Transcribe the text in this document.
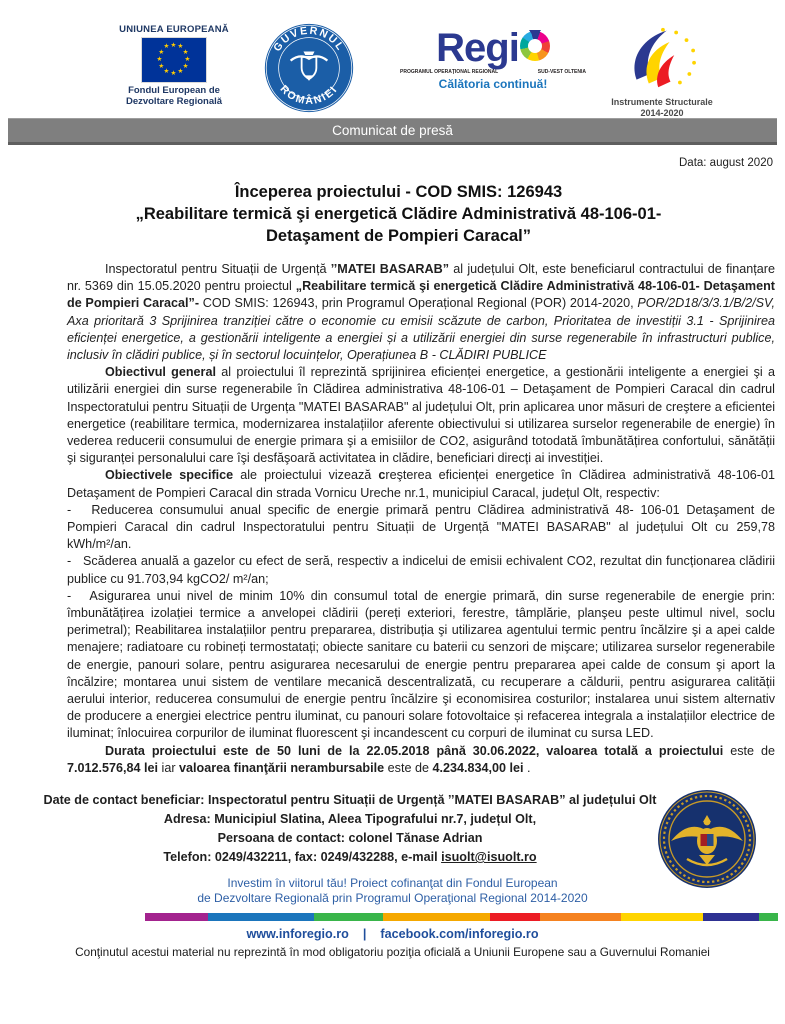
UNIUNEA EUROPEANĂ
★ ★
★
★
★
★
★
★
★
★
★
★
Fondul European de
Dezvoltare Regională
GUVERNUL
ROMÂNIEI
Regi
PROGRAMUL OPERAŢIONAL REGIONAL	SUD-VEST OLTENIA
Călătoria continuă!
Instrumente Structurale
2014-2020
Comunicat de presă
Data: august 2020
Începerea proiectului - COD SMIS: 126943
„Reabilitare termică şi energetică Clădire Administrativă 48-106-01- Detaşament de Pompieri Caracal”

Inspectoratul pentru Situații de Urgență ’’MATEI BASARAB” al județului Olt, este beneficiarul contractului de finanțare nr. 5369 din 15.05.2020 pentru proiectul „Reabilitare termică şi energetică Clădire Administrativă 48-106-01- Detaşament de Pompieri Caracal”- COD SMIS: 126943, prin Programul Operațional Regional (POR) 2014-2020, POR/2D18/3/3.1/B/2/SV, Axa prioritară 3 Sprijinirea tranziției către o economie cu emisii scăzute de carbon, Prioritatea de investiții 3.1 - Sprijinirea eficienței energetice, a gestionării inteligente a energiei și a utilizării energiei din surse regenerabile în infrastructuri publice, inclusiv în clădiri publice, și în sectorul locuințelor, Operațiunea B - CLĂDIRI PUBLICE

Obiectivul general al proiectului îl reprezintă sprijinirea eficienței energetice, a gestionării inteligente a energiei şi a utilizării energiei din surse regenerabile în Clădirea administrativa 48-106-01 – Detaşament de Pompieri Caracal din cadrul Inspectoratului pentru Situații de Urgența "MATEI BASARAB" al județului Olt, prin aplicarea unor măsuri de creştere a eficientei energetice (reabilitare termica, modernizarea instalațiilor aferente obiectivului si utilizarea surselor regenerabile de energie) în vederea reducerii consumului de energie primara şi a emisiilor de CO2, asigurând totodată îmbunătățirea confortului, sănătății şi siguranței personalului care îşi desfăşoară activitatea in clădire, beneficiari direcți ai investiției.

Obiectivele specifice ale proiectului vizează creşterea eficienței energetice în Clădirea administrativă 48-106-01 Detaşament de Pompieri Caracal din strada Vornicu Ureche nr.1, municipiul Caracal, județul Olt, respectiv:

-   Reducerea consumului anual specific de energie primară pentru Clădirea administrativă 48- 106-01 Detaşament de Pompieri Caracal din cadrul Inspectoratului pentru Situații de Urgență "MATEI BASARAB" al județului Olt cu 259,78 kWh/m²/an.

-   Scăderea anuală a gazelor cu efect de seră, respectiv a indicelui de emisii echivalent CO2, rezultat din funcționarea clădirii publice cu 91.703,94 kgCO2/ m²/an;

-   Asigurarea unui nivel de minim 10% din consumul total de energie primară, din surse regenerabile de energie prin: îmbunătățirea izolației termice a anvelopei clădirii (pereți exteriori, ferestre, tâmplărie, planşeu peste ultimul nivel, soclu perimetral); Reabilitarea instalațiilor pentru prepararea, distribuția şi utilizarea agentului termic pentru încălzire şi a apei calde menajere; radiatoare cu robineți termostatați; obiecte sanitare cu baterii cu senzori de mişcare; utilizarea surselor regenerabile de energie, panouri solare, pentru asigurarea necesarului de energie pentru prepararea apei calde de consum şi aport la încălzire; montarea unui sistem de ventilare mecanică descentralizată, cu recuperare a căldurii, pentru asigurarea calității aerului interior, reducerea consumului de energie pentru încălzire şi economisirea costurilor; instalarea unui sistem alternativ de producere a energiei electrice pentru iluminat, cu panouri solare fotovoltaice și refacerea integrala a instalațiilor electrice de iluminat; înlocuirea corpurilor de iluminat fluorescent şi incandescent cu corpuri de iluminat cu sursa LED.

Durata proiectului este de 50 luni de la 22.05.2018 până 30.06.2022, valoarea totală a proiectului este de 7.012.576,84 lei iar valoarea finanţării nerambursabile este de 4.234.834,00 lei .

Date de contact beneficiar: Inspectoratul pentru Situații de Urgență ’’MATEI BASARAB” al județului Olt
Adresa: Municipiul Slatina, Aleea Tipografului nr.7, județul Olt,
Persoana de contact: colonel Tănase Adrian
Telefon: 0249/432211, fax: 0249/432288, e-mail isuolt@isuolt.ro
Investim în viitorul tău! Proiect cofinanţat din Fondul European
de Dezvoltare Regională prin Programul Operaţional Regional 2014-2020
www.inforegio.ro | facebook.com/inforegio.ro
Conţinutul acestui material nu reprezintă în mod obligatoriu poziţia oficială a Uniunii Europene sau a Guvernului Romaniei
